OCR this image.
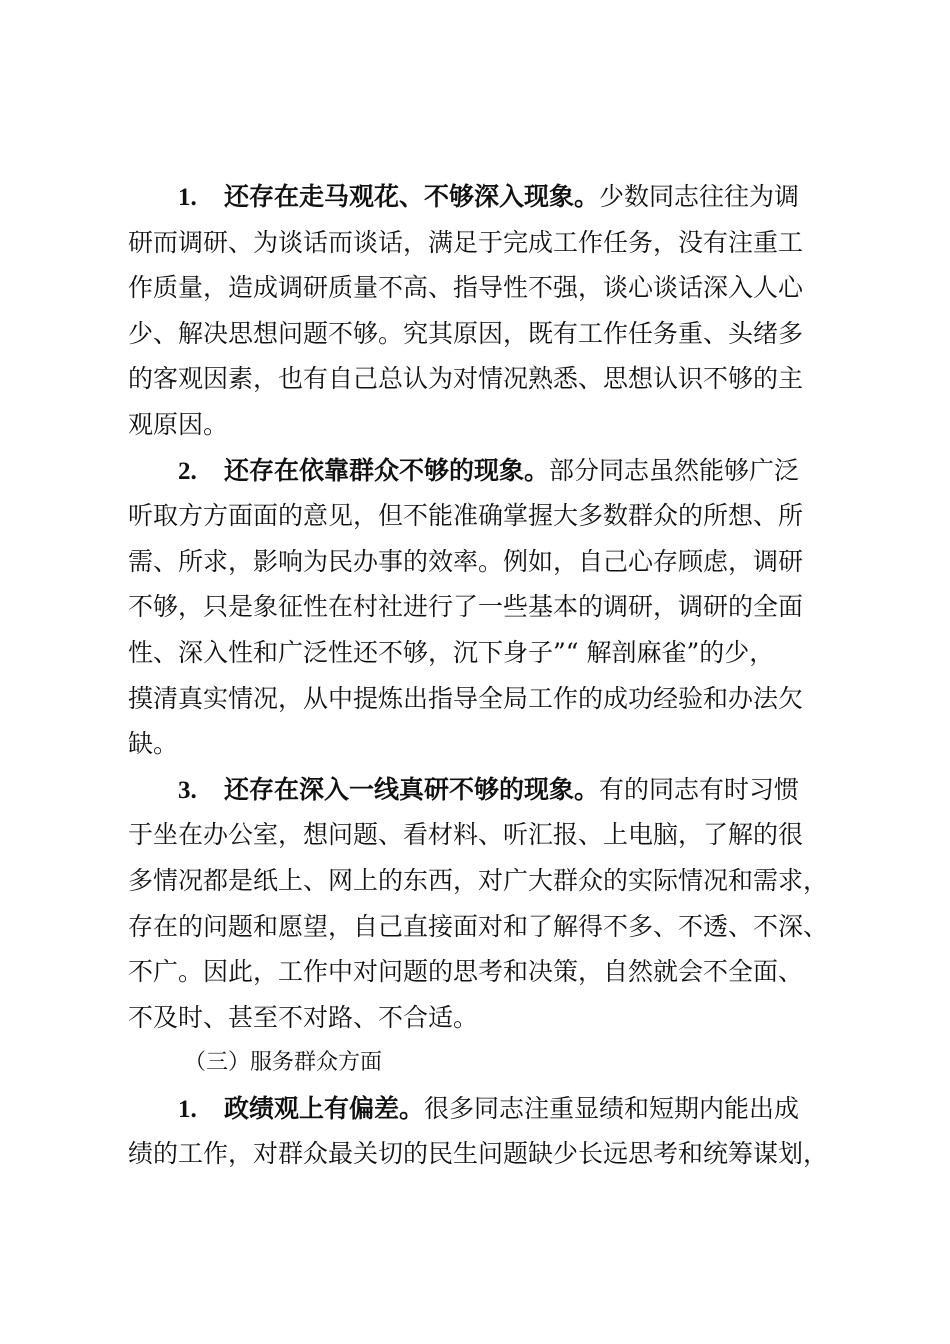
1. 还存在走马观花、不够深入现象。少数同志往往为调
研而调研、为谈话而谈话，满足于完成工作任务，没有注重工
作质量，造成调研质量不高、指导性不强，谈心谈话深入人心
少、解决思想问题不够。究其原因，既有工作任务重、头绪多
的客观因素，也有自己总认为对情况熟悉、思想认识不够的主
观原因。
2. 还存在依靠群众不够的现象。部分同志虽然能够广泛
听取方方面面的意见，但不能准确掌握大多数群众的所想、所
需、所求，影响为民办事的效率。例如，自己心存顾虑，调研
不够，只是象征性在村社进行了一些基本的调研，调研的全面
性、深入性和广泛性还不够，沉下身子”“ 解剖麻雀”的少，
摸清真实情况，从中提炼出指导全局工作的成功经验和办法欠
缺。
3. 还存在深入一线真研不够的现象。有的同志有时习惯
于坐在办公室，想问题、看材料、听汇报、上电脑，了解的很
多情况都是纸上、网上的东西，对广大群众的实际情况和需求，
存在的问题和愿望，自己直接面对和了解得不多、不透、不深、
不广。因此，工作中对问题的思考和决策，自然就会不全面、
不及时、甚至不对路、不合适。
（三）服务群众方面
1. 政绩观上有偏差。很多同志注重显绩和短期内能出成
绩的工作，对群众最关切的民生问题缺少长远思考和统筹谋划，
